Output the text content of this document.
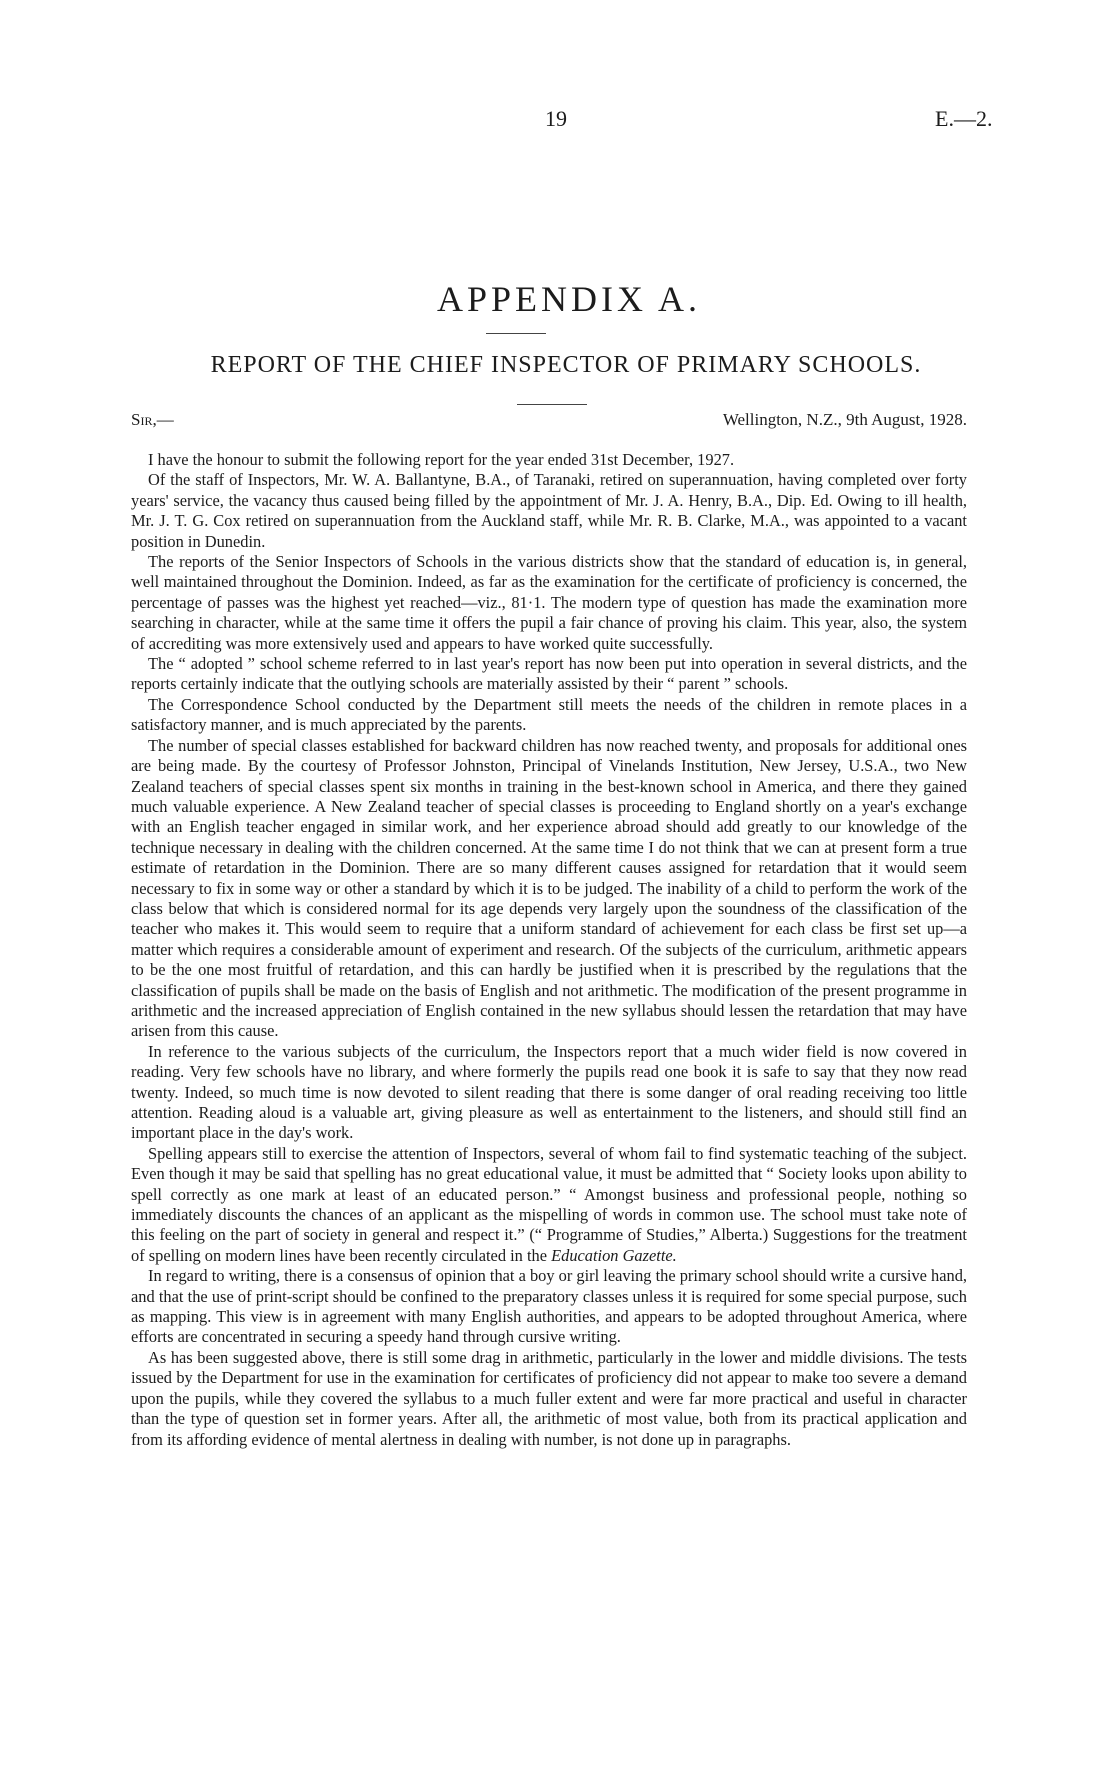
19	E.—2.
APPENDIX A.
REPORT OF THE CHIEF INSPECTOR OF PRIMARY SCHOOLS.
Sir,—	Wellington, N.Z., 9th August, 1928.

I have the honour to submit the following report for the year ended 31st December, 1927.

Of the staff of Inspectors, Mr. W. A. Ballantyne, B.A., of Taranaki, retired on superannuation, having completed over forty years' service, the vacancy thus caused being filled by the appointment of Mr. J. A. Henry, B.A., Dip. Ed. Owing to ill health, Mr. J. T. G. Cox retired on superannuation from the Auckland staff, while Mr. R. B. Clarke, M.A., was appointed to a vacant position in Dunedin.

The reports of the Senior Inspectors of Schools in the various districts show that the standard of education is, in general, well maintained throughout the Dominion. Indeed, as far as the examination for the certificate of proficiency is concerned, the percentage of passes was the highest yet reached—viz., 81·1. The modern type of question has made the examination more searching in character, while at the same time it offers the pupil a fair chance of proving his claim. This year, also, the system of accrediting was more extensively used and appears to have worked quite successfully.

The “ adopted ” school scheme referred to in last year's report has now been put into operation in several districts, and the reports certainly indicate that the outlying schools are materially assisted by their “ parent ” schools.

The Correspondence School conducted by the Department still meets the needs of the children in remote places in a satisfactory manner, and is much appreciated by the parents.

The number of special classes established for backward children has now reached twenty, and proposals for additional ones are being made. By the courtesy of Professor Johnston, Principal of Vinelands Institution, New Jersey, U.S.A., two New Zealand teachers of special classes spent six months in training in the best-known school in America, and there they gained much valuable experience. A New Zealand teacher of special classes is proceeding to England shortly on a year's exchange with an English teacher engaged in similar work, and her experience abroad should add greatly to our knowledge of the technique necessary in dealing with the children concerned. At the same time I do not think that we can at present form a true estimate of retardation in the Dominion. There are so many different causes assigned for retardation that it would seem necessary to fix in some way or other a standard by which it is to be judged. The inability of a child to perform the work of the class below that which is considered normal for its age depends very largely upon the soundness of the classification of the teacher who makes it. This would seem to require that a uniform standard of achievement for each class be first set up—a matter which requires a considerable amount of experiment and research. Of the subjects of the curriculum, arithmetic appears to be the one most fruitful of retardation, and this can hardly be justified when it is prescribed by the regulations that the classification of pupils shall be made on the basis of English and not arithmetic. The modification of the present programme in arithmetic and the increased appreciation of English contained in the new syllabus should lessen the retardation that may have arisen from this cause.

In reference to the various subjects of the curriculum, the Inspectors report that a much wider field is now covered in reading. Very few schools have no library, and where formerly the pupils read one book it is safe to say that they now read twenty. Indeed, so much time is now devoted to silent reading that there is some danger of oral reading receiving too little attention. Reading aloud is a valuable art, giving pleasure as well as entertainment to the listeners, and should still find an important place in the day's work.

Spelling appears still to exercise the attention of Inspectors, several of whom fail to find systematic teaching of the subject. Even though it may be said that spelling has no great educational value, it must be admitted that “ Society looks upon ability to spell correctly as one mark at least of an educated person.” “ Amongst business and professional people, nothing so immediately discounts the chances of an applicant as the mispelling of words in common use. The school must take note of this feeling on the part of society in general and respect it.” (“ Programme of Studies,” Alberta.) Suggestions for the treatment of spelling on modern lines have been recently circulated in the Education Gazette.

In regard to writing, there is a consensus of opinion that a boy or girl leaving the primary school should write a cursive hand, and that the use of print-script should be confined to the preparatory classes unless it is required for some special purpose, such as mapping. This view is in agreement with many English authorities, and appears to be adopted throughout America, where efforts are concentrated in securing a speedy hand through cursive writing.

As has been suggested above, there is still some drag in arithmetic, particularly in the lower and middle divisions. The tests issued by the Department for use in the examination for certificates of proficiency did not appear to make too severe a demand upon the pupils, while they covered the syllabus to a much fuller extent and were far more practical and useful in character than the type of question set in former years. After all, the arithmetic of most value, both from its practical application and from its affording evidence of mental alertness in dealing with number, is not done up in paragraphs.
